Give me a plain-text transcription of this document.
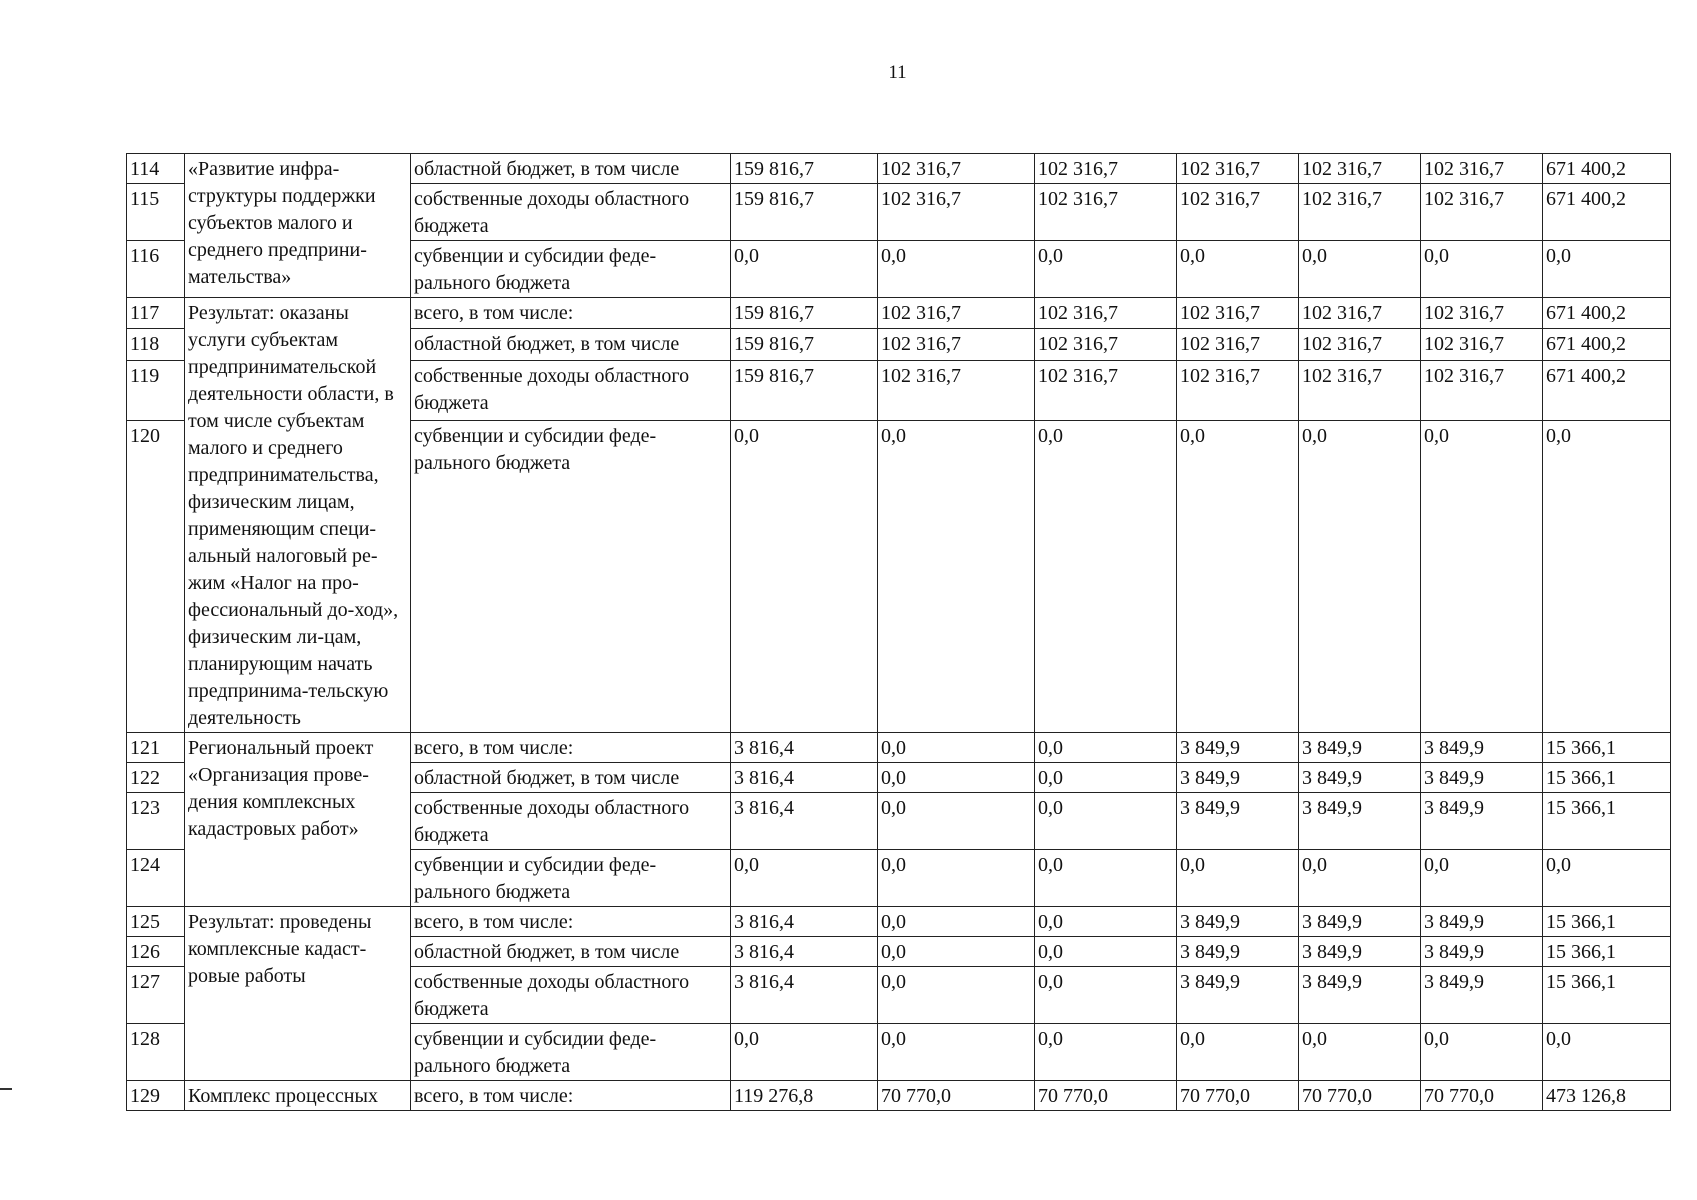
11
114	«Развитие инфра-структуры поддержки субъектов малого и среднего предприни-мательства»	областной бюджет, в том числе	159 816,7	102 316,7	102 316,7	102 316,7	102 316,7	102 316,7	671 400,2
115		собственные доходы областного бюджета	159 816,7	102 316,7	102 316,7	102 316,7	102 316,7	102 316,7	671 400,2
116		субвенции и субсидии феде- рального бюджета	0,0	0,0	0,0	0,0	0,0	0,0	0,0
117	Результат: оказаны услуги субъектам предпринимательской деятельности области, в том числе субъектам малого и среднего предпринимательства, физическим лицам, применяющим специ-альный налоговый ре-жим «Налог на про-фессиональный до-ход», физическим ли-цам, планирующим начать предпринима-тельскую деятельность	всего, в том числе:	159 816,7	102 316,7	102 316,7	102 316,7	102 316,7	102 316,7	671 400,2
118		областной бюджет, в том числе	159 816,7	102 316,7	102 316,7	102 316,7	102 316,7	102 316,7	671 400,2
119		собственные доходы областного бюджета	159 816,7	102 316,7	102 316,7	102 316,7	102 316,7	102 316,7	671 400,2
120		субвенции и субсидии феде- рального бюджета	0,0	0,0	0,0	0,0	0,0	0,0	0,0
121	Региональный проект «Организация прове-дения комплексных кадастровых работ»	всего, в том числе:	3 816,4	0,0	0,0	3 849,9	3 849,9	3 849,9	15 366,1
122		областной бюджет, в том числе	3 816,4	0,0	0,0	3 849,9	3 849,9	3 849,9	15 366,1
123		собственные доходы областного бюджета	3 816,4	0,0	0,0	3 849,9	3 849,9	3 849,9	15 366,1
124		субвенции и субсидии феде-рального бюджета	0,0	0,0	0,0	0,0	0,0	0,0	0,0
125	Результат: проведены комплексные кадаст-ровые работы	всего, в том числе:	3 816,4	0,0	0,0	3 849,9	3 849,9	3 849,9	15 366,1
126		областной бюджет, в том числе	3 816,4	0,0	0,0	3 849,9	3 849,9	3 849,9	15 366,1
127		собственные доходы областного бюджета	3 816,4	0,0	0,0	3 849,9	3 849,9	3 849,9	15 366,1
128		субвенции и субсидии феде-рального бюджета	0,0	0,0	0,0	0,0	0,0	0,0	0,0
129	Комплекс процессных	всего, в том числе:	119 276,8	70 770,0	70 770,0	70 770,0	70 770,0	70 770,0	473 126,8
